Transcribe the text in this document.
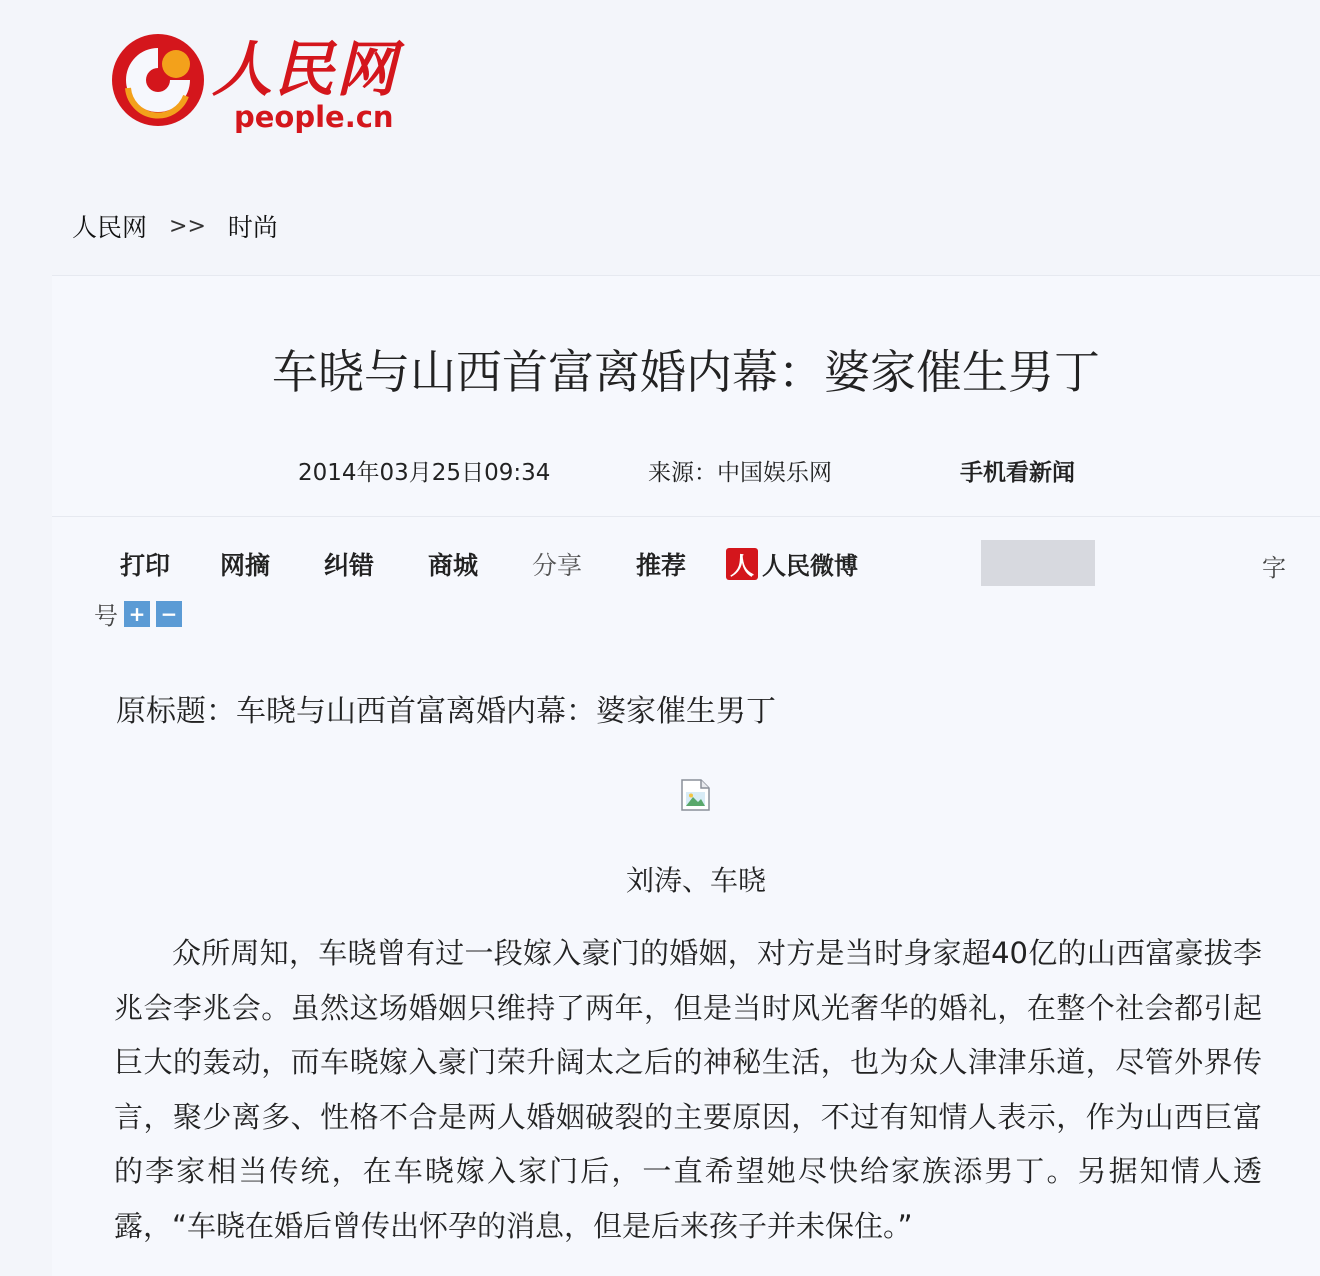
人民网
people.cn
人民网 >> 时尚
车晓与山西首富离婚内幕：婆家催生男丁
2014年03月25日09:34	来源：中国娱乐网	手机看新闻
打印 网摘 纠错 商城 分享 推荐 人 人民微博	字
号 + −
原标题：车晓与山西首富离婚内幕：婆家催生男丁
刘涛、车晓
众所周知，车晓曾有过一段嫁入豪门的婚姻，对方是当时身家超40亿的山西富豪拔李兆会李兆会。虽然这场婚姻只维持了两年，但是当时风光奢华的婚礼，在整个社会都引起巨大的轰动，而车晓嫁入豪门荣升阔太之后的神秘生活，也为众人津津乐道，尽管外界传言，聚少离多、性格不合是两人婚姻破裂的主要原因，不过有知情人表示，作为山西巨富的李家相当传统，在车晓嫁入家门后，一直希望她尽快给家族添男丁。另据知情人透露，“车晓在婚后曾传出怀孕的消息，但是后来孩子并未保住。”
